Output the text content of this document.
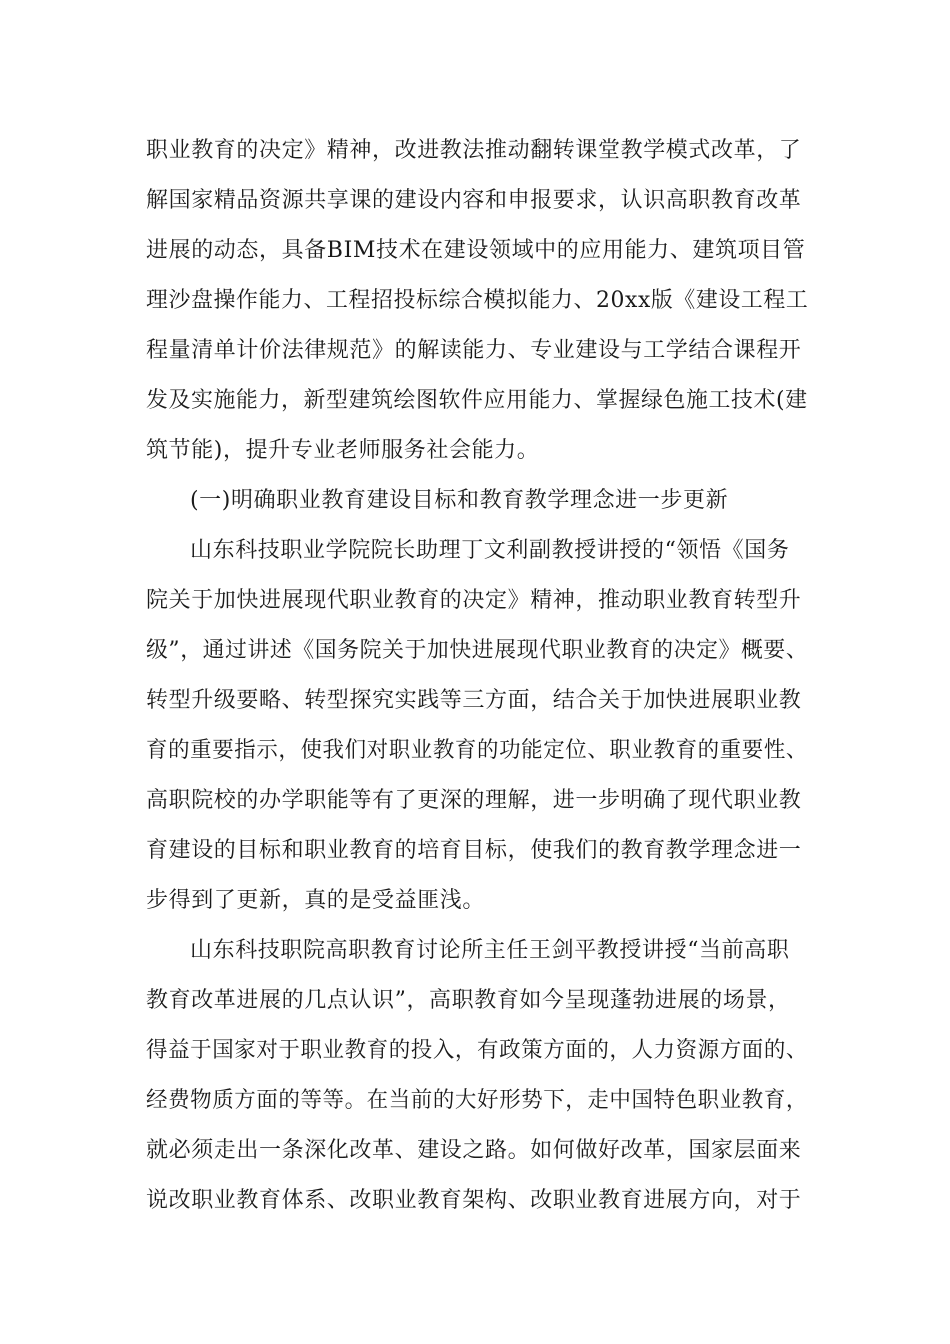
职业教育的决定》精神，改进教法推动翻转课堂教学模式改革，了
解国家精品资源共享课的建设内容和申报要求，认识高职教育改革
进展的动态，具备BIM技术在建设领域中的应用能力、建筑项目管
理沙盘操作能力、工程招投标综合模拟能力、20xx版《建设工程工
程量清单计价法律规范》的解读能力、专业建设与工学结合课程开
发及实施能力，新型建筑绘图软件应用能力、掌握绿色施工技术(建
筑节能)，提升专业老师服务社会能力。
(一)明确职业教育建设目标和教育教学理念进一步更新
山东科技职业学院院长助理丁文利副教授讲授的“领悟《国务
院关于加快进展现代职业教育的决定》精神，推动职业教育转型升
级”，通过讲述《国务院关于加快进展现代职业教育的决定》概要、
转型升级要略、转型探究实践等三方面，结合关于加快进展职业教
育的重要指示，使我们对职业教育的功能定位、职业教育的重要性、
高职院校的办学职能等有了更深的理解，进一步明确了现代职业教
育建设的目标和职业教育的培育目标，使我们的教育教学理念进一
步得到了更新，真的是受益匪浅。
山东科技职院高职教育讨论所主任王剑平教授讲授“当前高职
教育改革进展的几点认识”，高职教育如今呈现蓬勃进展的场景，
得益于国家对于职业教育的投入，有政策方面的，人力资源方面的、
经费物质方面的等等。在当前的大好形势下，走中国特色职业教育，
就必须走出一条深化改革、建设之路。如何做好改革，国家层面来
说改职业教育体系、改职业教育架构、改职业教育进展方向，对于
